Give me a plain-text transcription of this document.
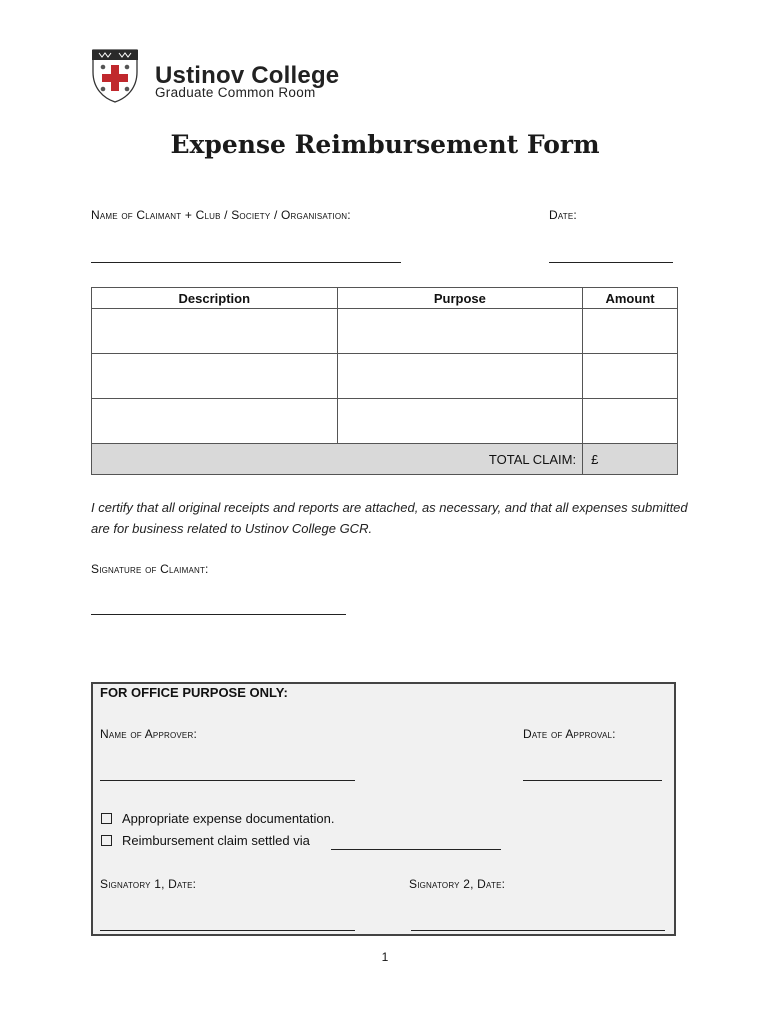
Ustinov College
Graduate Common Room
Expense Reimbursement Form
Name of Claimant + Club / Society / Organisation:	Date:
Description	Purpose	Amount

TOTAL CLAIM:		£
I certify that all original receipts and reports are attached, as necessary, and that all expenses submitted are for business related to Ustinov College GCR.
Signature of Claimant:
FOR OFFICE PURPOSE ONLY:
Name of Approver:	Date of Approval:
Appropriate expense documentation.
Reimbursement claim settled via
Signatory 1, Date:	Signatory 2, Date:
1
